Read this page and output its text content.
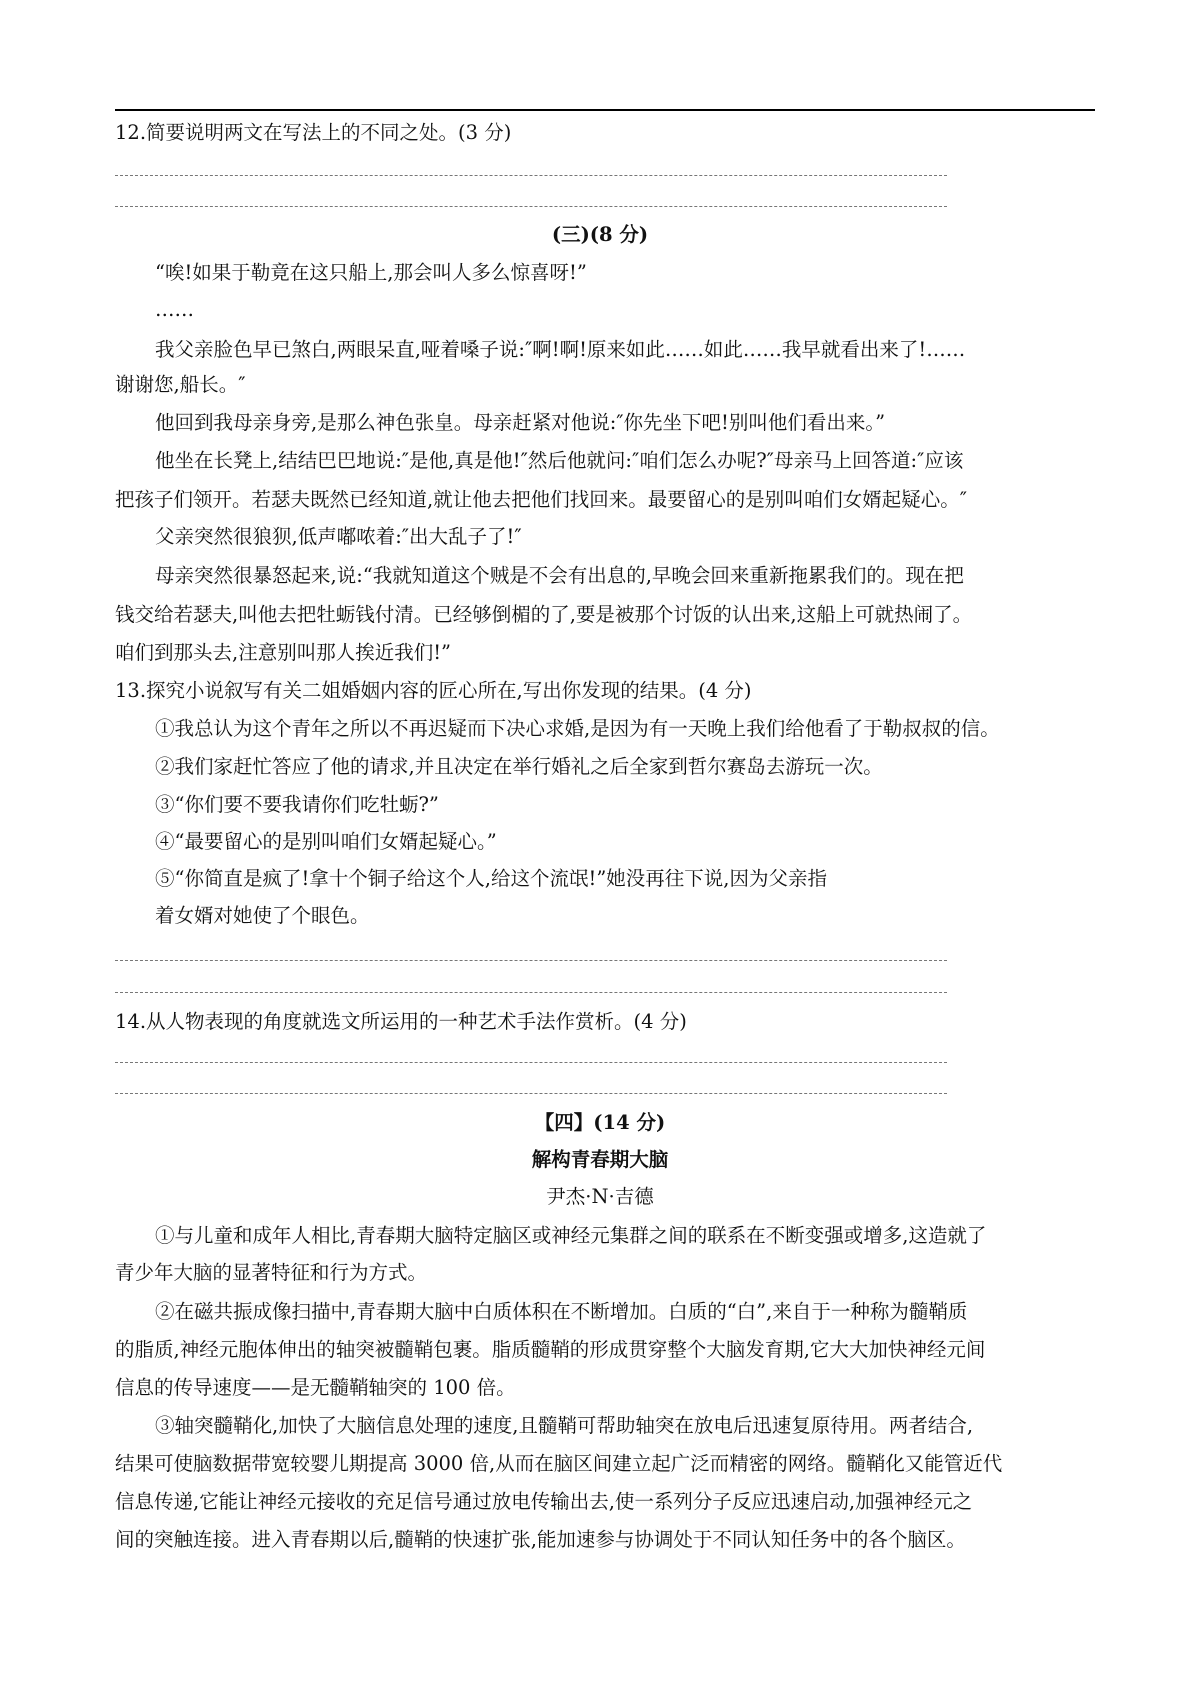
12.简要说明两文在写法上的不同之处。(3 分)
(三)(8 分)
“唉!如果于勒竟在这只船上,那会叫人多么惊喜呀!”
……
我父亲脸色早已煞白,两眼呆直,哑着嗓子说:″啊!啊!原来如此……如此……我早就看出来了!……
谢谢您,船长。″
他回到我母亲身旁,是那么神色张皇。母亲赶紧对他说:″你先坐下吧!别叫他们看出来。”
他坐在长凳上,结结巴巴地说:″是他,真是他!″然后他就问:″咱们怎么办呢?″母亲马上回答道:″应该
把孩子们领开。若瑟夫既然已经知道,就让他去把他们找回来。最要留心的是别叫咱们女婿起疑心。″
父亲突然很狼狈,低声嘟哝着:″出大乱子了!″
母亲突然很暴怒起来,说:“我就知道这个贼是不会有出息的,早晚会回来重新拖累我们的。现在把
钱交给若瑟夫,叫他去把牡蛎钱付清。已经够倒楣的了,要是被那个讨饭的认出来,这船上可就热闹了。
咱们到那头去,注意别叫那人挨近我们!”
13.探究小说叙写有关二姐婚姻内容的匠心所在,写出你发现的结果。(4 分)
①我总认为这个青年之所以不再迟疑而下决心求婚,是因为有一天晚上我们给他看了于勒叔叔的信。
②我们家赶忙答应了他的请求,并且决定在举行婚礼之后全家到哲尔赛岛去游玩一次。
③“你们要不要我请你们吃牡蛎?”
④“最要留心的是别叫咱们女婿起疑心。”
⑤“你简直是疯了!拿十个铜子给这个人,给这个流氓!”她没再往下说,因为父亲指
着女婿对她使了个眼色。
14.从人物表现的角度就选文所运用的一种艺术手法作赏析。(4 分)
【四】(14 分)
解构青春期大脑
尹杰·N·吉德
①与儿童和成年人相比,青春期大脑特定脑区或神经元集群之间的联系在不断变强或增多,这造就了
青少年大脑的显著特征和行为方式。
②在磁共振成像扫描中,青春期大脑中白质体积在不断增加。白质的“白”,来自于一种称为髓鞘质
的脂质,神经元胞体伸出的轴突被髓鞘包裹。脂质髓鞘的形成贯穿整个大脑发育期,它大大加快神经元间
信息的传导速度——是无髓鞘轴突的 100 倍。
③轴突髓鞘化,加快了大脑信息处理的速度,且髓鞘可帮助轴突在放电后迅速复原待用。两者结合,
结果可使脑数据带宽较婴儿期提高 3000 倍,从而在脑区间建立起广泛而精密的网络。髓鞘化又能管近代
信息传递,它能让神经元接收的充足信号通过放电传输出去,使一系列分子反应迅速启动,加强神经元之
间的突触连接。进入青春期以后,髓鞘的快速扩张,能加速参与协调处于不同认知任务中的各个脑区。
